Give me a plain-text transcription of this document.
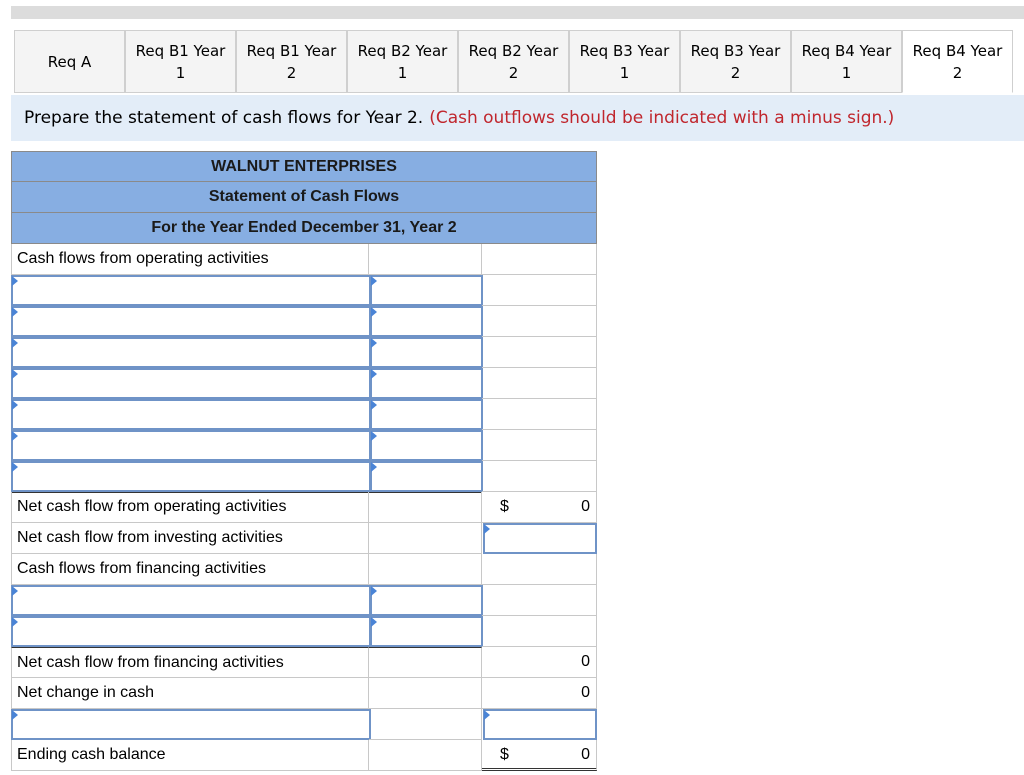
Req A
Req B1 Year
1
Req B1 Year
2
Req B2 Year
1
Req B2 Year
2
Req B3 Year
1
Req B3 Year
2
Req B4 Year
1
Req B4 Year
2
Prepare the statement of cash flows for Year 2. (Cash outflows should be indicated with a minus sign.)
WALNUT ENTERPRISES
Statement of Cash Flows
For the Year Ended December 31, Year 2
Cash flows from operating activities
Net cash flow from operating activities	$	0
Net cash flow from investing activities
Cash flows from financing activities
Net cash flow from financing activities	0
Net change in cash	0
Ending cash balance	$	0
